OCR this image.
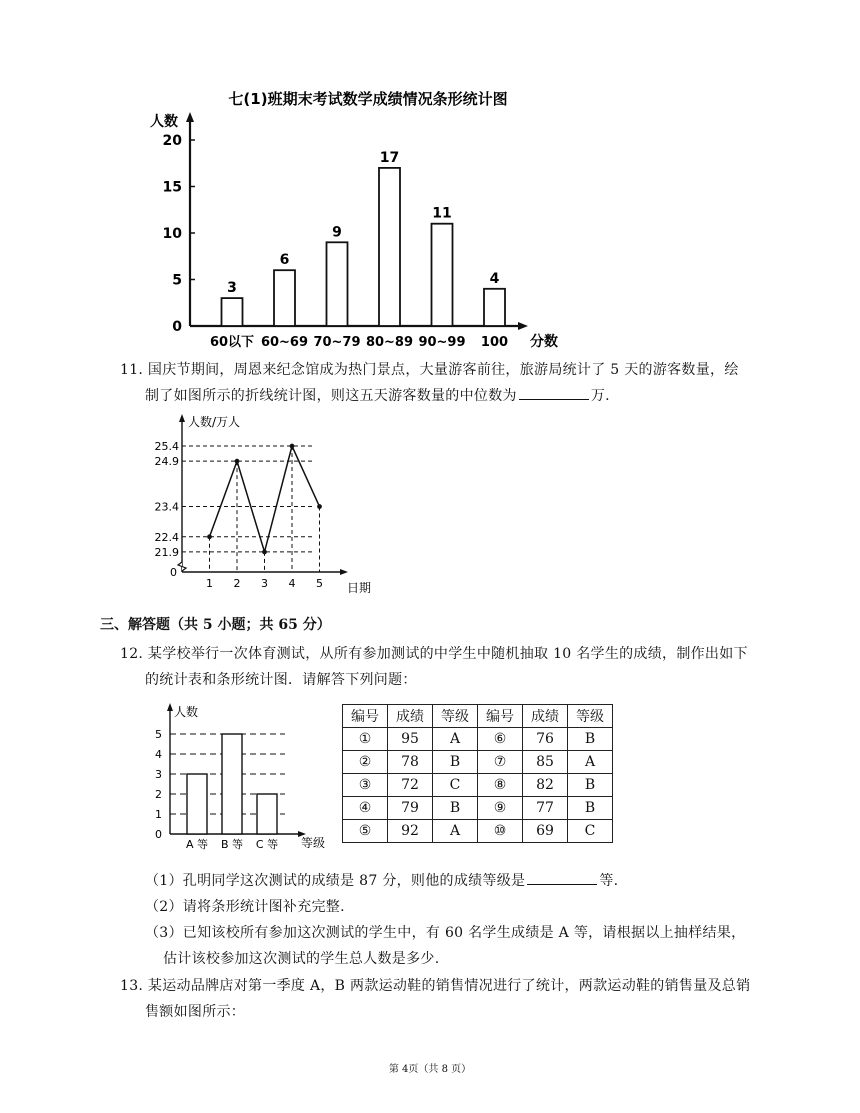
七(1)班期末考试数学成绩情况条形统计图
人数
分数
0
5
10
15
20
3
60以下
6
60~69
9
70~79
17
80~89
11
90~99
4
100
11. 国庆节期间，周恩来纪念馆成为热门景点，大量游客前往，旅游局统计了 5 天的游客数量，绘
制了如图所示的折线统计图，则这五天游客数量的中位数为	万.
人数/万人
日期
0
25.4
24.9
23.4
22.4
21.9
1 2 3 4 5
三、解答题（共 5 小题；共 65 分）
12. 某学校举行一次体育测试，从所有参加测试的中学生中随机抽取 10 名学生的成绩，制作出如下
的统计表和条形统计图．请解答下列问题：
人数
等级
0
1
2
3
4
5
A 等 B 等 C 等
编号	成绩	等级	编号	成绩	等级
①	95	A	⑥	76	B
②	78	B	⑦	85	A
③	72	C	⑧	82	B
④	79	B	⑨	77	B
⑤	92	A	⑩	69	C
（1）孔明同学这次测试的成绩是 87 分，则他的成绩等级是	等.
（2）请将条形统计图补充完整.
（3）已知该校所有参加这次测试的学生中，有 60 名学生成绩是 A 等，请根据以上抽样结果，
估计该校参加这次测试的学生总人数是多少.
13. 某运动品牌店对第一季度 A，B 两款运动鞋的销售情况进行了统计，两款运动鞋的销售量及总销
售额如图所示：
第 4页（共 8 页）
